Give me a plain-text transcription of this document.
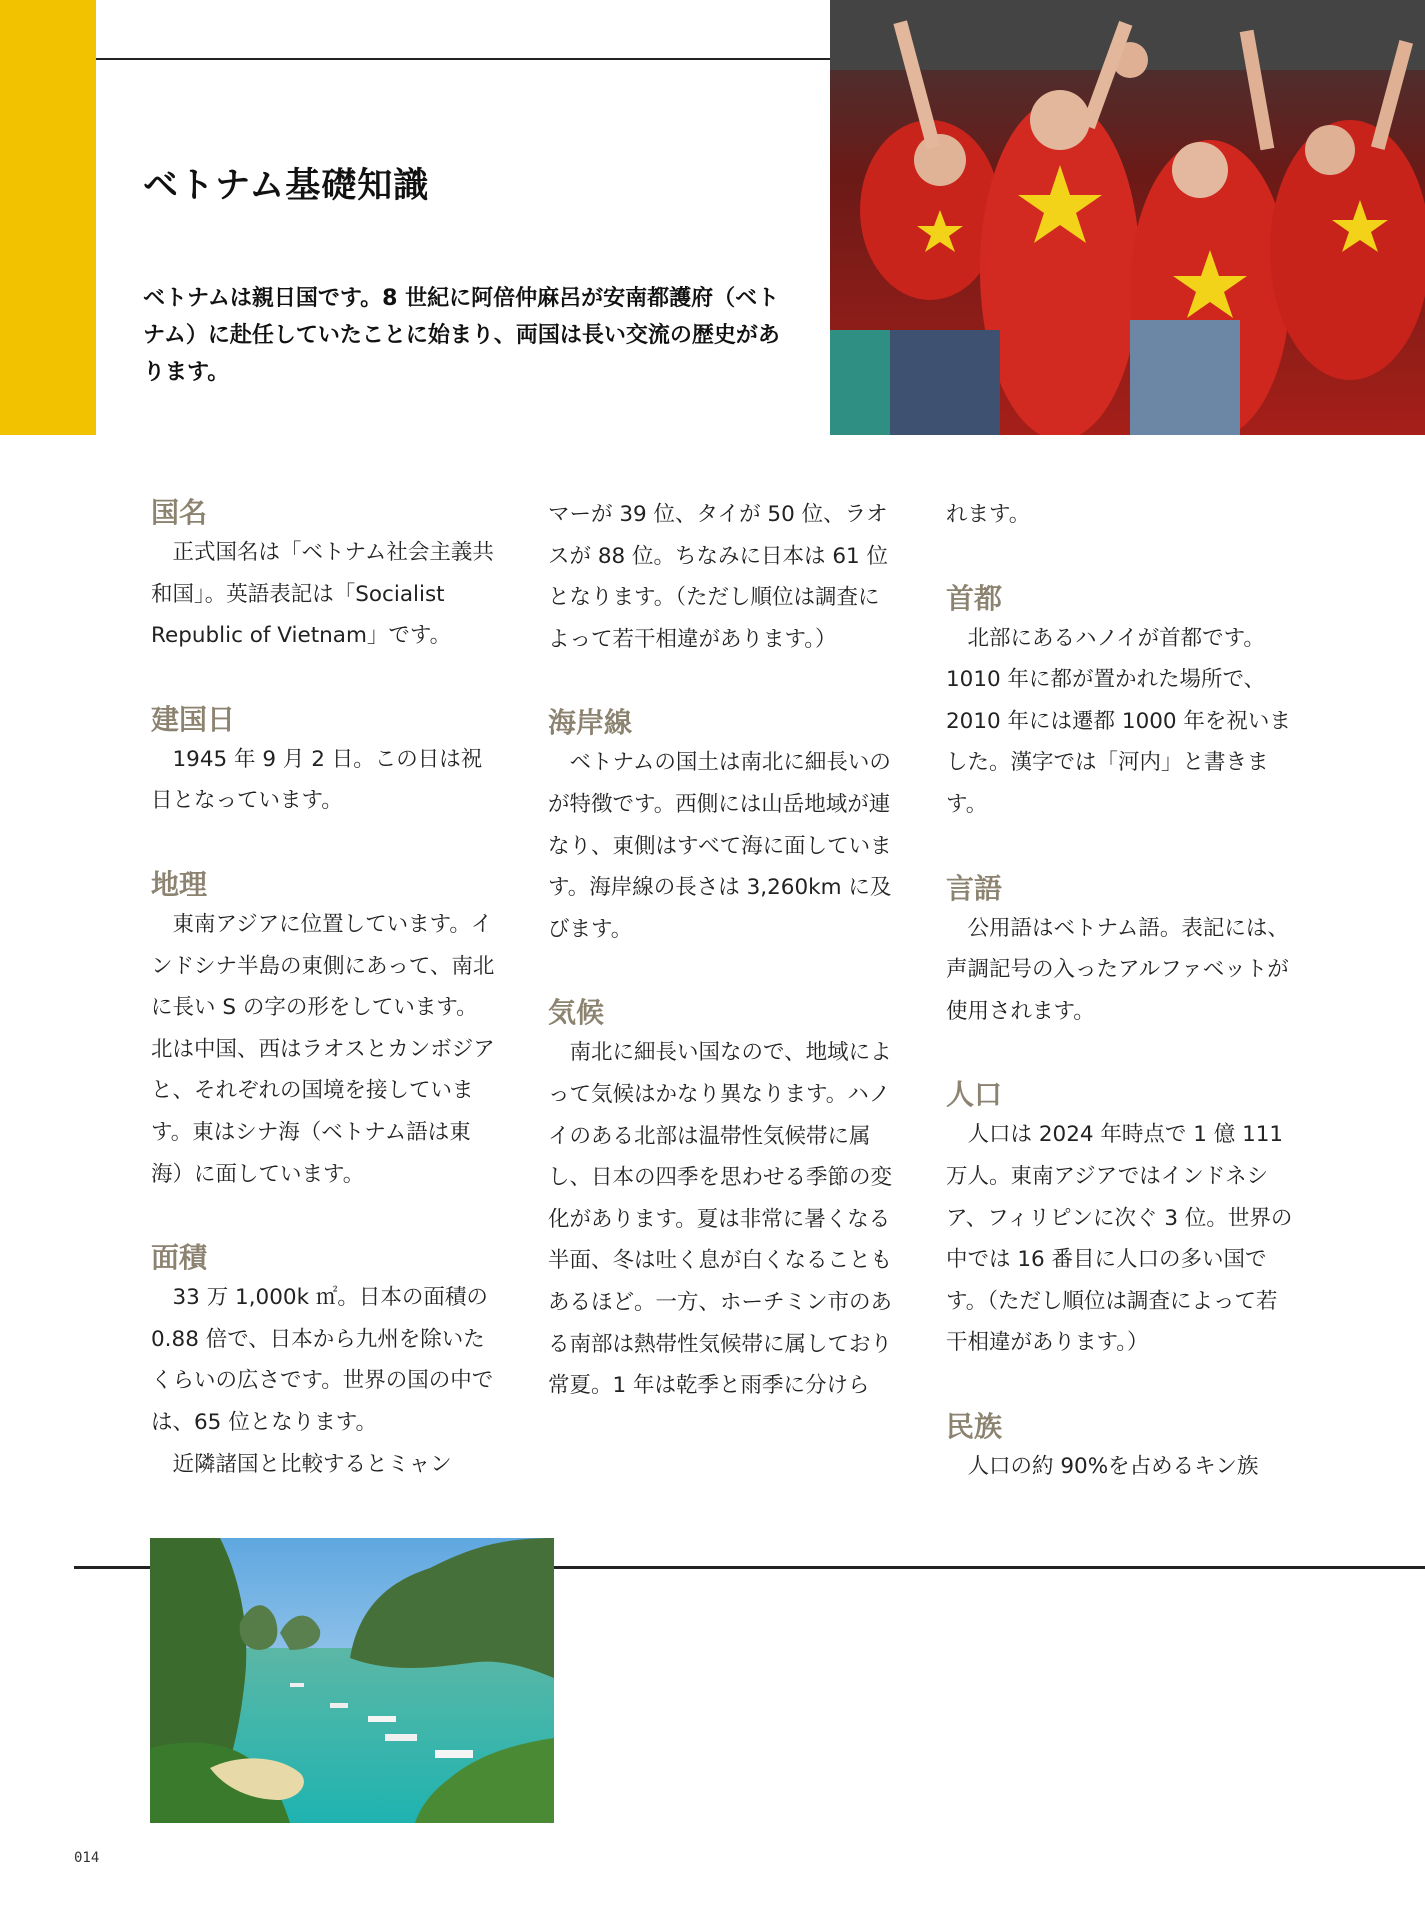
ベトナム基礎知識

ベトナムは親日国です。8 世紀に阿倍仲麻呂が安南都護府（ベトナム）に赴任していたことに始まり、両国は長い交流の歴史があります。

国名

　正式国名は「ベトナム社会主義共和国」。英語表記は「Socialist Republic of Vietnam」です。

建国日

　1945 年 9 月 2 日。この日は祝日となっています。

地理

　東南アジアに位置しています。インドシナ半島の東側にあって、南北に長い S の字の形をしています。北は中国、西はラオスとカンボジアと、それぞれの国境を接しています。東はシナ海（ベトナム語は東海）に面しています。

面積

　33 万 1,000k ㎡。日本の面積の 0.88 倍で、日本から九州を除いたくらいの広さです。世界の国の中では、65 位となります。

　近隣諸国と比較するとミャン

マーが 39 位、タイが 50 位、ラオスが 88 位。ちなみに日本は 61 位となります。（ただし順位は調査によって若干相違があります。）

海岸線

　ベトナムの国土は南北に細長いのが特徴です。西側には山岳地域が連なり、東側はすべて海に面しています。海岸線の長さは 3,260km に及びます。

気候

　南北に細長い国なので、地域によって気候はかなり異なります。ハノイのある北部は温帯性気候帯に属し、日本の四季を思わせる季節の変化があります。夏は非常に暑くなる半面、冬は吐く息が白くなることもあるほど。一方、ホーチミン市のある南部は熱帯性気候帯に属しており常夏。1 年は乾季と雨季に分けら

れます。

首都

　北部にあるハノイが首都です。1010 年に都が置かれた場所で、2010 年には遷都 1000 年を祝いました。漢字では「河内」と書きます。

言語

　公用語はベトナム語。表記には、声調記号の入ったアルファベットが使用されます。

人口

　人口は 2024 年時点で 1 億 111 万人。東南アジアではインドネシア、フィリピンに次ぐ 3 位。世界の中では 16 番目に人口の多い国です。（ただし順位は調査によって若干相違があります。）

民族

　人口の約 90%を占めるキン族

014
